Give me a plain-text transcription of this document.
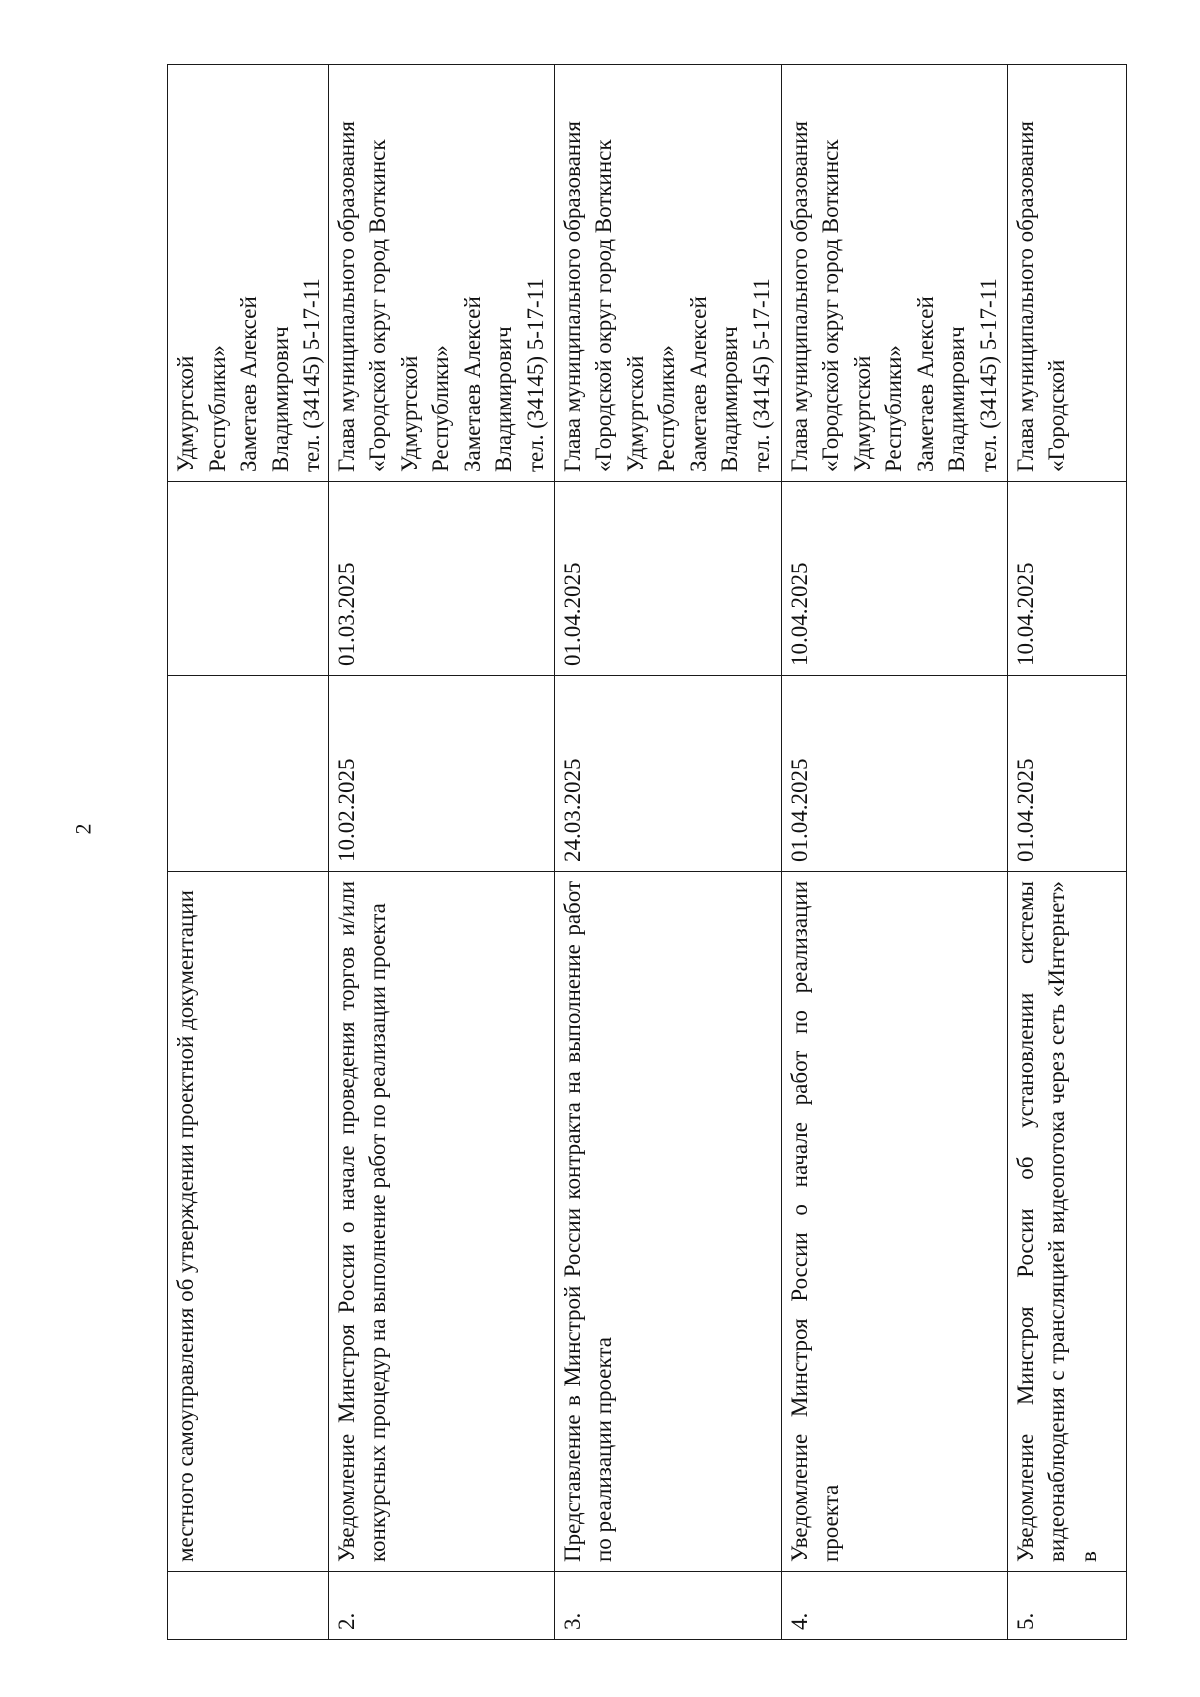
2
	местного самоуправления об утверждении проектной документации			Удмуртской
Республики»
Заметаев Алексей
Владимирович
тел. (34145) 5-17-11
2.	Уведомление Минстроя России о начале проведения торгов и/или конкурсных процедур на выполнение работ по реализации проекта	10.02.2025	01.03.2025	Глава муниципального образования «Городской округ город Воткинск Удмуртской
Республики»
Заметаев Алексей
Владимирович
тел. (34145) 5-17-11
3.	Представление в Минстрой России контракта на выполнение работ по реализации проекта	24.03.2025	01.04.2025	Глава муниципального образования «Городской округ город Воткинск Удмуртской
Республики»
Заметаев Алексей
Владимирович
тел. (34145) 5-17-11
4.	Уведомление Минстроя России о начале работ по реализации проекта	01.04.2025	10.04.2025	Глава муниципального образования «Городской округ город Воткинск Удмуртской
Республики»
Заметаев Алексей
Владимирович
тел. (34145) 5-17-11
5.	Уведомление Минстроя России об установлении системы видеонаблюдения с трансляцией видеопотока через сеть «Интернет» в	01.04.2025	10.04.2025	Глава муниципального образования «Городской
